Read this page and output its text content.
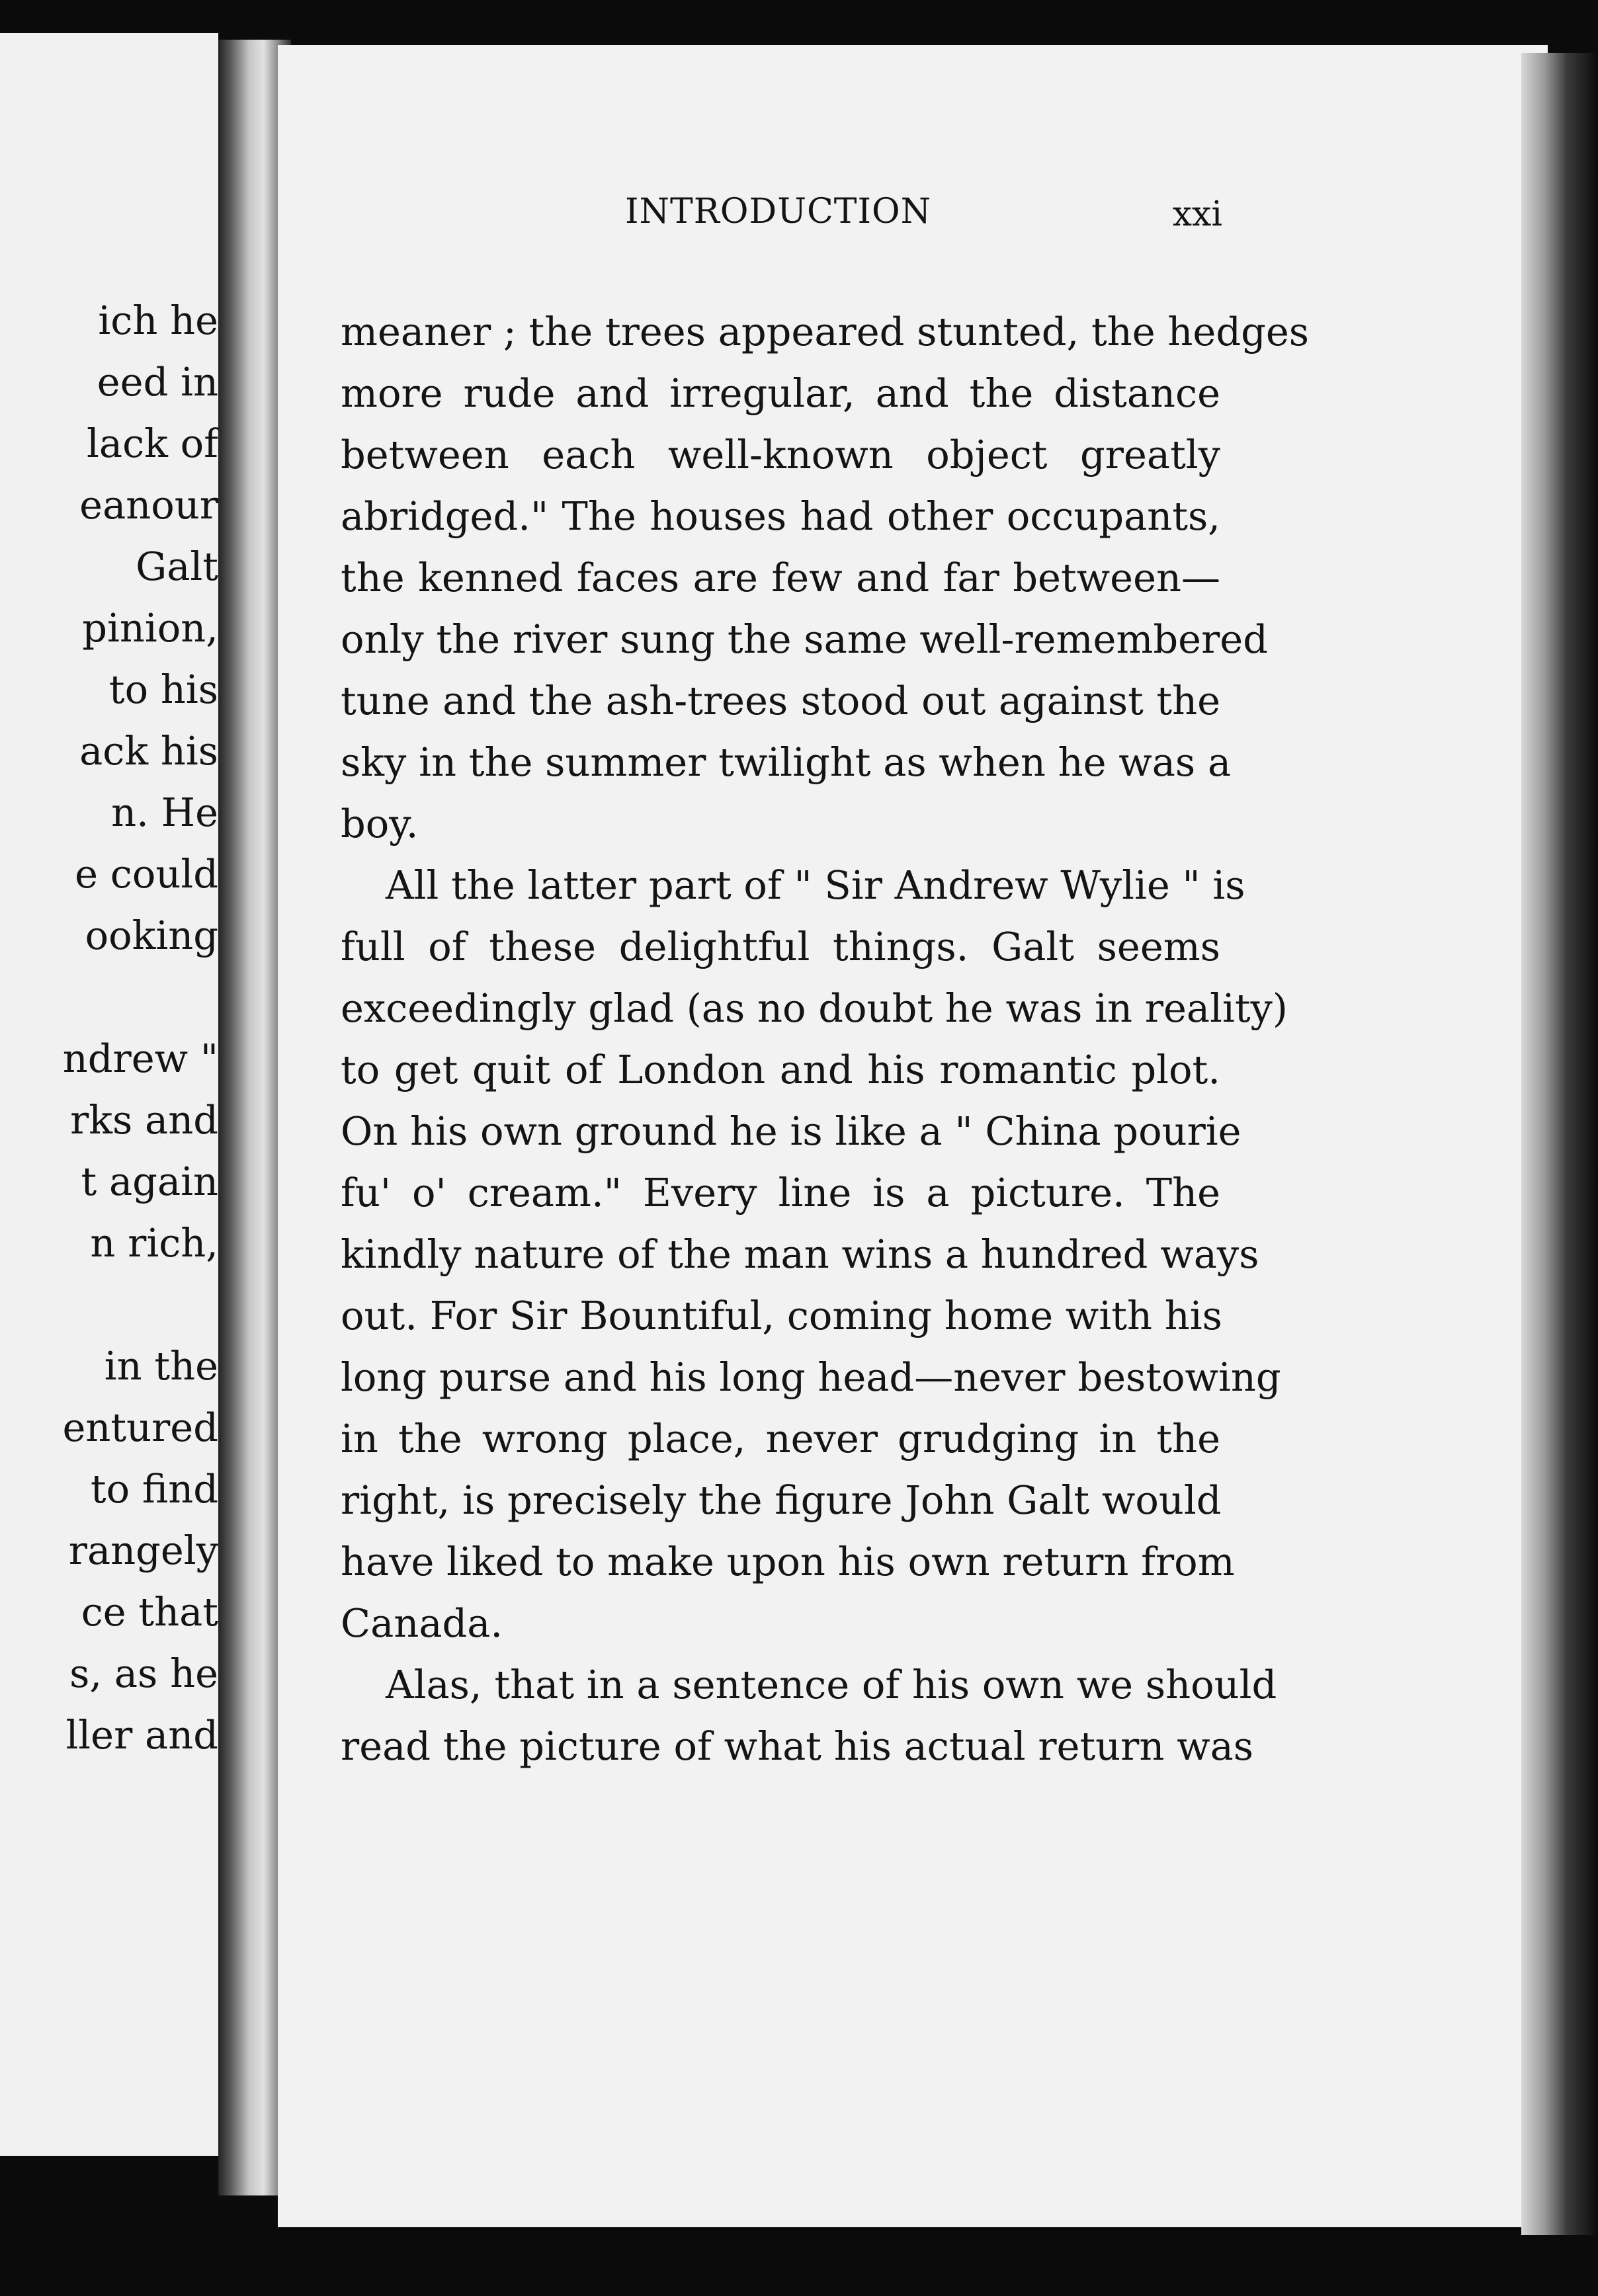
ich he

eed in

lack of

eanour

Galt

pinion,

to his

ack his

n. He

e could

ooking

ndrew "

rks and

t again

n rich,

in the

entured

to find

rangely

ce that

s, as he

ller and

INTRODUCTION	xxi
meaner ; the trees appeared stunted, the hedges
more rude and irregular, and the distance
between each well-known object greatly
abridged." The houses had other occupants,
the kenned faces are few and far between—
only the river sung the same well-remembered
tune and the ash-trees stood out against the
sky in the summer twilight as when he was a
boy.
All the latter part of " Sir Andrew Wylie " is
full of these delightful things. Galt seems
exceedingly glad (as no doubt he was in reality)
to get quit of London and his romantic plot.
On his own ground he is like a " China pourie
fu' o' cream." Every line is a picture. The
kindly nature of the man wins a hundred ways
out. For Sir Bountiful, coming home with his
long purse and his long head—never bestowing
in the wrong place, never grudging in the
right, is precisely the figure John Galt would
have liked to make upon his own return from
Canada.
Alas, that in a sentence of his own we should
read the picture of what his actual return was
